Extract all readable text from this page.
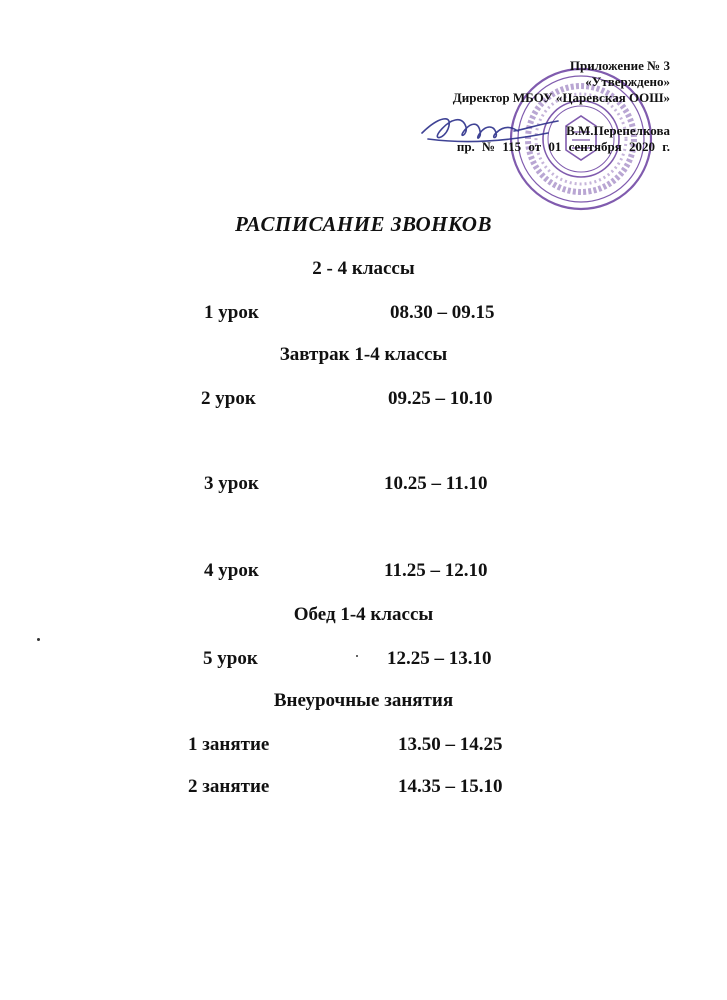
Приложение № 3
«Утверждено»
Директор МБОУ «Царевская ООШ»
В.М.Перепелкова
пр. № 115 от 01 сентября 2020 г.
РАСПИСАНИЕ ЗВОНКОВ
2 - 4 классы
1 урок	08.30 – 09.15
Завтрак 1-4 классы
2 урок	09.25 – 10.10
3 урок	10.25 – 11.10
4 урок	11.25 – 12.10
Обед 1-4 классы
5 урок	12.25 – 13.10
Внеурочные занятия
1 занятие	13.50 – 14.25
2 занятие	14.35 – 15.10
